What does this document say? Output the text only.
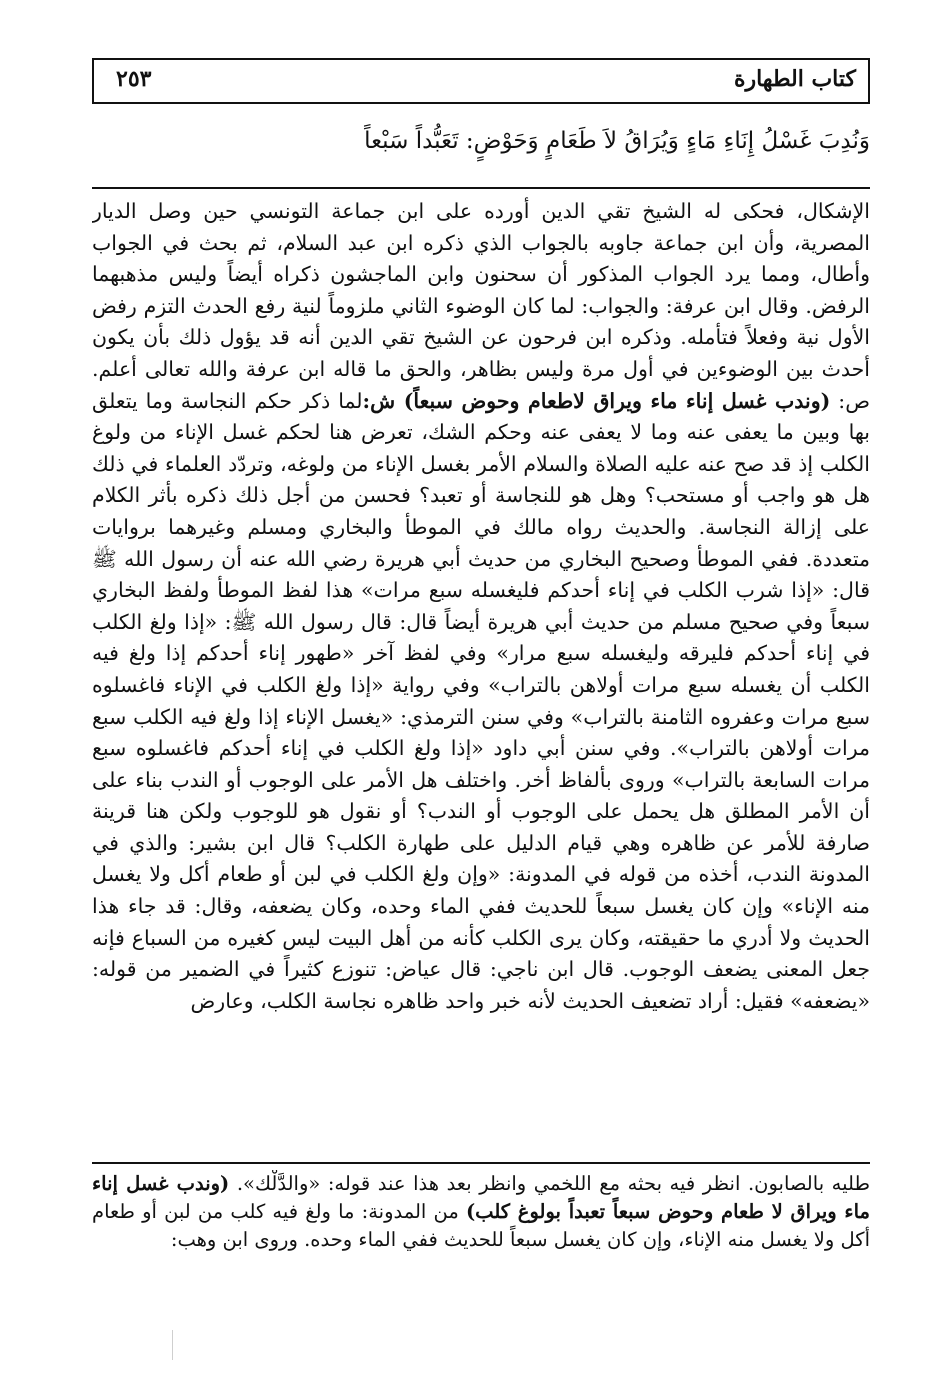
كتاب الطهارة
٢٥٣
وَنُدِبَ غَسْلُ إِنَاءِ مَاءٍ وَيُرَاقُ لاَ طَعَامٍ وَحَوْضٍ: تَعَبُّداً سَبْعاً
الإشكال، فحكى له الشيخ تقي الدين أورده على ابن جماعة التونسي حين وصل الديار المصرية، وأن ابن جماعة جاوبه بالجواب الذي ذكره ابن عبد السلام، ثم بحث في الجواب وأطال، ومما يرد الجواب المذكور أن سحنون وابن الماجشون ذكراه أيضاً وليس مذهبهما الرفض. وقال ابن عرفة: والجواب: لما كان الوضوء الثاني ملزوماً لنية رفع الحدث التزم رفض الأول نية وفعلاً فتأمله. وذكره ابن فرحون عن الشيخ تقي الدين أنه قد يؤول ذلك بأن يكون أحدث بين الوضوءين في أول مرة وليس بظاهر، والحق ما قاله ابن عرفة والله تعالى أعلم. ص: (وندب غسل إناء ماء ويراق لاطعام وحوض سبعاً) ش:لما ذكر حكم النجاسة وما يتعلق بها وبين ما يعفى عنه وما لا يعفى عنه وحكم الشك، تعرض هنا لحكم غسل الإناء من ولوغ الكلب إذ قد صح عنه عليه الصلاة والسلام الأمر بغسل الإناء من ولوغه، وتردّد العلماء في ذلك هل هو واجب أو مستحب؟ وهل هو للنجاسة أو تعبد؟ فحسن من أجل ذلك ذكره بأثر الكلام على إزالة النجاسة. والحديث رواه مالك في الموطأ والبخاري ومسلم وغيرهما بروايات متعددة. ففي الموطأ وصحيح البخاري من حديث أبي هريرة رضي الله عنه أن رسول الله ﷺ قال: «إذا شرب الكلب في إناء أحدكم فليغسله سبع مرات» هذا لفظ الموطأ ولفظ البخاري سبعاً وفي صحيح مسلم من حديث أبي هريرة أيضاً قال: قال رسول الله ﷺ: «إذا ولغ الكلب في إناء أحدكم فليرقه وليغسله سبع مرار» وفي لفظ آخر «طهور إناء أحدكم إذا ولغ فيه الكلب أن يغسله سبع مرات أولاهن بالتراب» وفي رواية «إذا ولغ الكلب في الإناء فاغسلوه سبع مرات وعفروه الثامنة بالتراب» وفي سنن الترمذي: «يغسل الإناء إذا ولغ فيه الكلب سبع مرات أولاهن بالتراب». وفي سنن أبي داود «إذا ولغ الكلب في إناء أحدكم فاغسلوه سبع مرات السابعة بالتراب» وروى بألفاظ أخر. واختلف هل الأمر على الوجوب أو الندب بناء على أن الأمر المطلق هل يحمل على الوجوب أو الندب؟ أو نقول هو للوجوب ولكن هنا قرينة صارفة للأمر عن ظاهره وهي قيام الدليل على طهارة الكلب؟ قال ابن بشير: والذي في المدونة الندب، أخذه من قوله في المدونة: «وإن ولغ الكلب في لبن أو طعام أكل ولا يغسل منه الإناء» وإن كان يغسل سبعاً للحديث ففي الماء وحده، وكان يضعفه، وقال: قد جاء هذا الحديث ولا أدري ما حقيقته، وكان يرى الكلب كأنه من أهل البيت ليس كغيره من السباع فإنه جعل المعنى يضعف الوجوب. قال ابن ناجي: قال عياض: تنوزع كثيراً في الضمير من قوله: «يضعفه» فقيل: أراد تضعيف الحديث لأنه خبر واحد ظاهره نجاسة الكلب، وعارض
طليه بالصابون. انظر فيه بحثه مع اللخمي وانظر بعد هذا عند قوله: «والدَّلْك». (وندب غسل إناء ماء ويراق لا طعام وحوض سبعاً تعبداً بولوغ كلب) من المدونة: ما ولغ فيه كلب من لبن أو طعام أكل ولا يغسل منه الإناء، وإن كان يغسل سبعاً للحديث ففي الماء وحده. وروى ابن وهب:
